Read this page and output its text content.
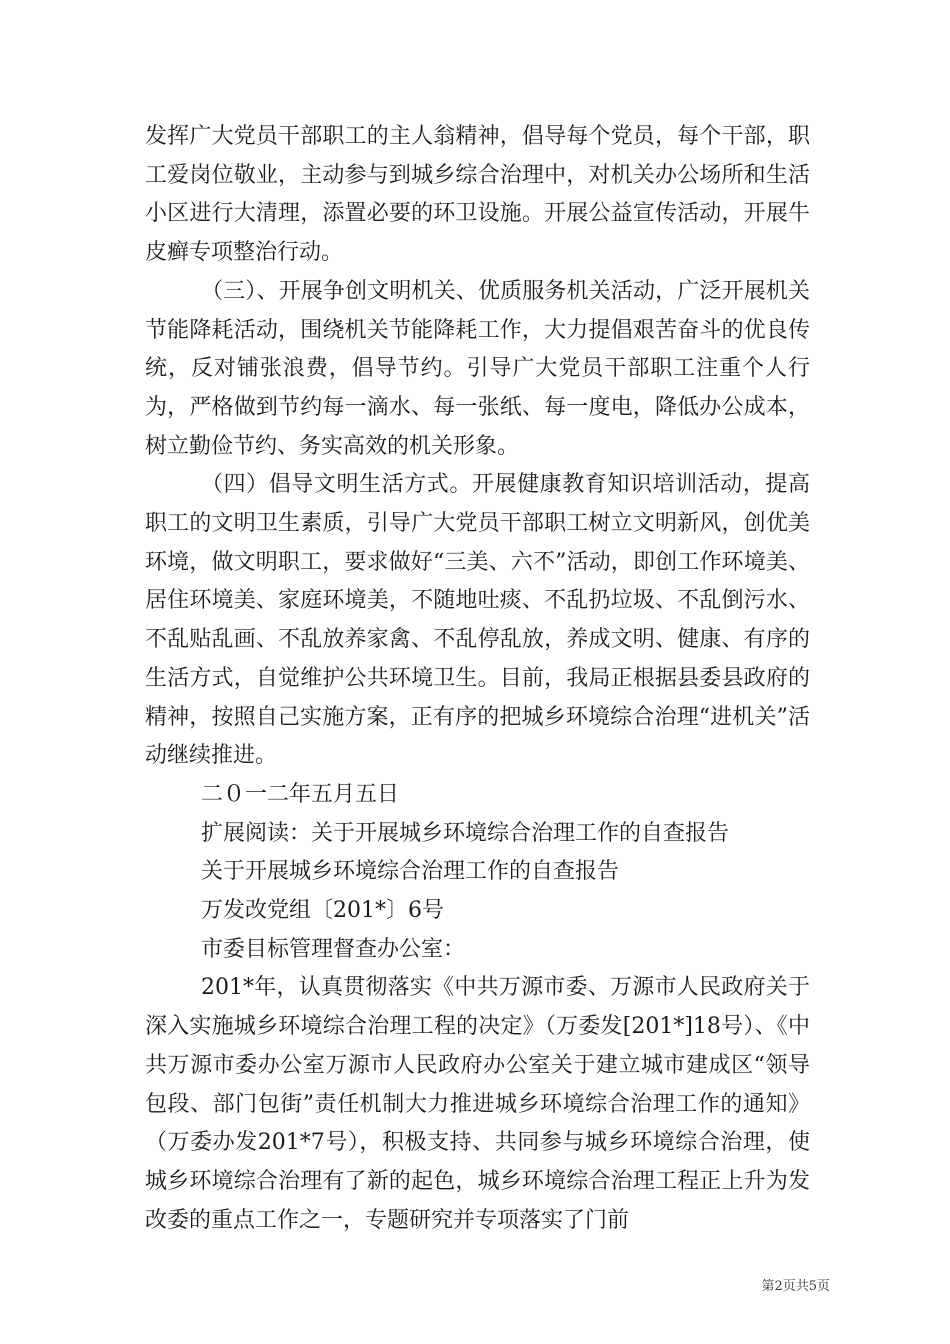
发挥广大党员干部职工的主人翁精神，倡导每个党员，每个干部，职工爱岗位敬业，主动参与到城乡综合治理中，对机关办公场所和生活小区进行大清理，添置必要的环卫设施。开展公益宣传活动，开展牛皮癣专项整治行动。

（三）、开展争创文明机关、优质服务机关活动，广泛开展机关节能降耗活动，围绕机关节能降耗工作，大力提倡艰苦奋斗的优良传统，反对铺张浪费，倡导节约。引导广大党员干部职工注重个人行为，严格做到节约每一滴水、每一张纸、每一度电，降低办公成本，树立勤俭节约、务实高效的机关形象。

（四）倡导文明生活方式。开展健康教育知识培训活动，提高职工的文明卫生素质，引导广大党员干部职工树立文明新风，创优美环境，做文明职工，要求做好“三美、六不”活动，即创工作环境美、居住环境美、家庭环境美，不随地吐痰、不乱扔垃圾、不乱倒污水、不乱贴乱画、不乱放养家禽、不乱停乱放，养成文明、健康、有序的生活方式，自觉维护公共环境卫生。目前，我局正根据县委县政府的精神，按照自己实施方案，正有序的把城乡环境综合治理“进机关”活动继续推进。

二０一二年五月五日

扩展阅读：关于开展城乡环境综合治理工作的自查报告

关于开展城乡环境综合治理工作的自查报告

万发改党组〔201*〕6号

市委目标管理督查办公室：

201*年，认真贯彻落实《中共万源市委、万源市人民政府关于深入实施城乡环境综合治理工程的决定》（万委发[201*]18号）、《中共万源市委办公室万源市人民政府办公室关于建立城市建成区“领导包段、部门包街”责任机制大力推进城乡环境综合治理工作的通知》（万委办发201*7号），积极支持、共同参与城乡环境综合治理，使城乡环境综合治理有了新的起色，城乡环境综合治理工程正上升为发改委的重点工作之一，专题研究并专项落实了门前

第2页共5页
